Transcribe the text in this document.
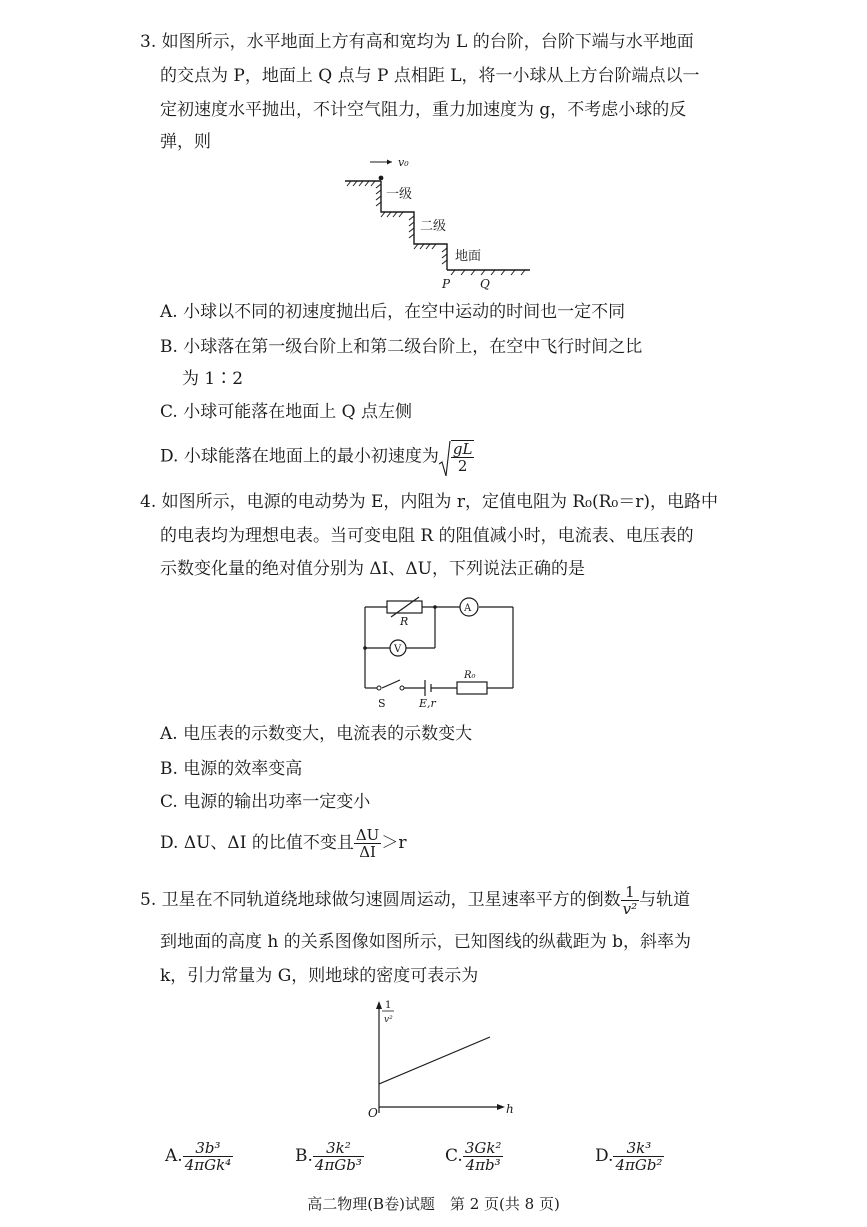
3. 如图所示，水平地面上方有高和宽均为 L 的台阶，台阶下端与水平地面
的交点为 P，地面上 Q 点与 P 点相距 L，将一小球从上方台阶端点以一
定初速度水平抛出，不计空气阻力，重力加速度为 g，不考虑小球的反
弹，则
v₀
一级
二级
地面
P Q
A. 小球以不同的初速度抛出后，在空中运动的时间也一定不同
B. 小球落在第一级台阶上和第二级台阶上，在空中飞行时间之比
为 1∶2
C. 小球可能落在地面上 Q 点左侧
D. 小球能落在地面上的最小初速度为 $\frac{gL}{2}$
4. 如图所示，电源的电动势为 E，内阻为 r，定值电阻为 R₀(R₀＝r)，电路中
的电表均为理想电表。当可变电阻 R 的阻值减小时，电流表、电压表的
示数变化量的绝对值分别为 ΔI、ΔU，下列说法正确的是
R
A
V
S	E,r
R₀
A. 电压表的示数变大，电流表的示数变大
B. 电源的效率变高
C. 电源的输出功率一定变小
D. ΔU、ΔI 的比值不变且 $\frac{\Delta U}{\Delta I} >r$
5. 卫星在不同轨道绕地球做匀速圆周运动，卫星速率平方的倒数 $\frac{1}{\text{v²}}$ 与轨道
到地面的高度 h 的关系图像如图所示，已知图线的纵截距为 b，斜率为
k，引力常量为 G，则地球的密度可表示为
1
v²
h
O
A. $\frac{\text{3b³}}{\text{4πGk⁴}}$	B. $\frac{\text{3k²}}{\text{4πGb³}}$	C. $\frac{\text{3Gk²}}{\text{4πb³}}$	D. $\frac{\text{3k³}}{\text{4πGb²}}$
高二物理(B卷)试题　第 2 页(共 8 页)
